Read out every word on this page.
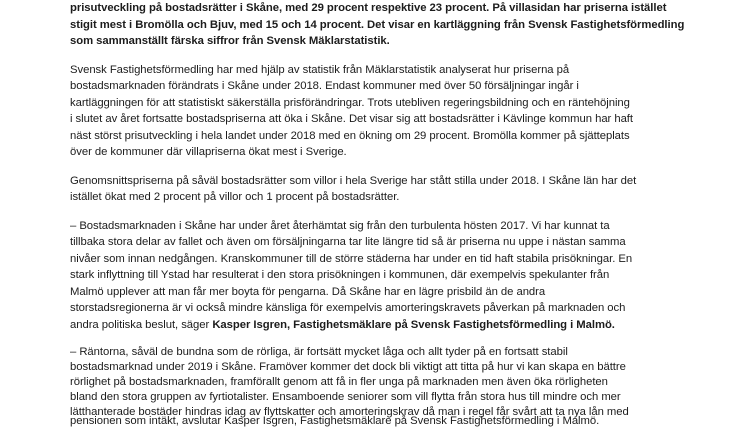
prisutveckling på bostadsrätter i Skåne, med 29 procent respektive 23 procent. På villasidan har priserna istället
stigit mest i Bromölla och Bjuv, med 15 och 14 procent. Det visar en kartläggning från Svensk Fastighetsförmedling
som sammanställt färska siffror från Svensk Mäklarstatistik.
Svensk Fastighetsförmedling har med hjälp av statistik från Mäklarstatistik analyserat hur priserna på
bostadsmarknaden förändrats i Skåne under 2018. Endast kommuner med över 50 försäljningar ingår i
kartläggningen för att statistiskt säkerställa prisförändringar. Trots utebliven regeringsbildning och en räntehöjning
i slutet av året fortsatte bostadspriserna att öka i Skåne. Det visar sig att bostadsrätter i Kävlinge kommun har haft
näst störst prisutveckling i hela landet under 2018 med en ökning om 29 procent. Bromölla kommer på sjätteplats
över de kommuner där villapriserna ökat mest i Sverige.
Genomsnittspriserna på såväl bostadsrätter som villor i hela Sverige har stått stilla under 2018. I Skåne län har det
istället ökat med 2 procent på villor och 1 procent på bostadsrätter.
– Bostadsmarknaden i Skåne har under året återhämtat sig från den turbulenta hösten 2017. Vi har kunnat ta
tillbaka stora delar av fallet och även om försäljningarna tar lite längre tid så är priserna nu uppe i nästan samma
nivåer som innan nedgången. Kranskommuner till de större städerna har under en tid haft stabila prisökningar. En
stark inflyttning till Ystad har resulterat i den stora prisökningen i kommunen, där exempelvis spekulanter från
Malmö upplever att man får mer boyta för pengarna. Då Skåne har en lägre prisbild än de andra
storstadsregionerna är vi också mindre känsliga för exempelvis amorteringskravets påverkan på marknaden och
andra politiska beslut, säger Kasper Isgren, Fastighetsmäklare på Svensk Fastighetsförmedling i Malmö.
– Räntorna, såväl de bundna som de rörliga, är fortsätt mycket låga och allt tyder på en fortsatt stabil
bostadsmarknad under 2019 i Skåne. Framöver kommer det dock bli viktigt att titta på hur vi kan skapa en bättre
rörlighet på bostadsmarknaden, framförallt genom att få in fler unga på marknaden men även öka rörligheten
bland den stora gruppen av fyrtiotalister. Ensamboende seniorer som vill flytta från stora hus till mindre och mer
lätthanterade bostäder hindras idag av flyttskatter och amorteringskrav då man i regel får svårt att ta nya lån med
pensionen som intäkt, avslutar Kasper Isgren, Fastighetsmäklare på Svensk Fastighetsförmedling i Malmö.
